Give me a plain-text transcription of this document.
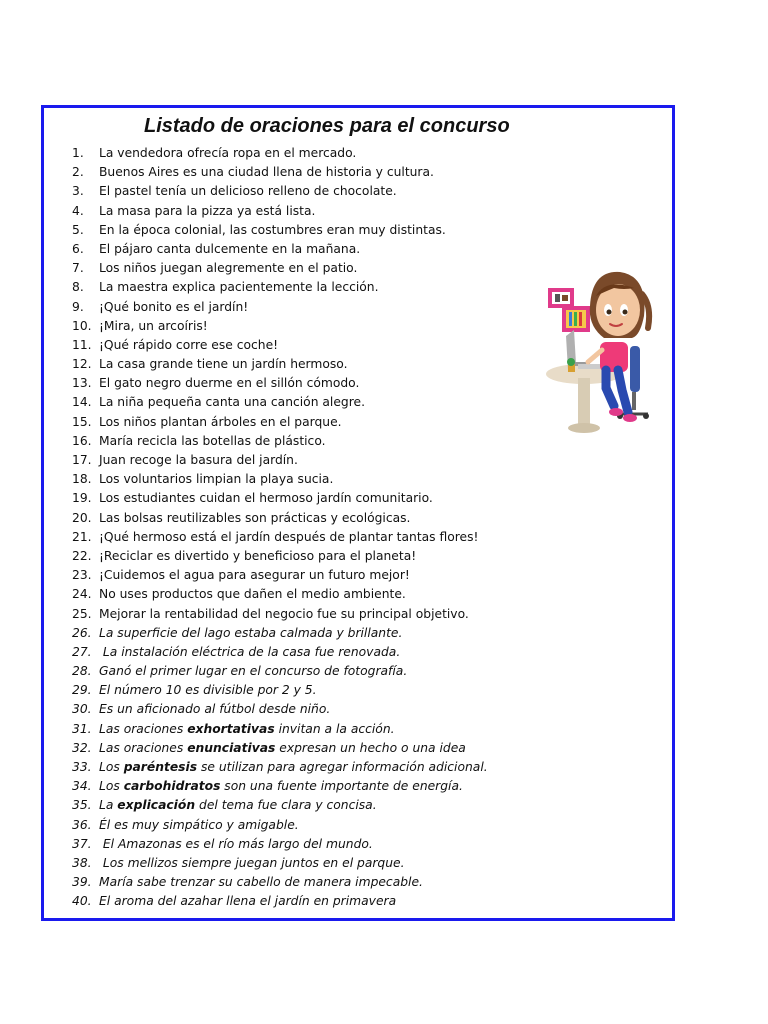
Listado de oraciones para el concurso
1. La vendedora ofrecía ropa en el mercado.
2. Buenos Aires es una ciudad llena de historia y cultura.
3. El pastel tenía un delicioso relleno de chocolate.
4. La masa para la pizza ya está lista.
5. En la época colonial, las costumbres eran muy distintas.
6. El pájaro canta dulcemente en la mañana.
7. Los niños juegan alegremente en el patio.
8. La maestra explica pacientemente la lección.
9. ¡Qué bonito es el jardín!
10. ¡Mira, un arcoíris!
11. ¡Qué rápido corre ese coche!
12. La casa grande tiene un jardín hermoso.
13. El gato negro duerme en el sillón cómodo.
14. La niña pequeña canta una canción alegre.
15. Los niños plantan árboles en el parque.
16. María recicla las botellas de plástico.
17. Juan recoge la basura del jardín.
18. Los voluntarios limpian la playa sucia.
19. Los estudiantes cuidan el hermoso jardín comunitario.
20. Las bolsas reutilizables son prácticas y ecológicas.
21. ¡Qué hermoso está el jardín después de plantar tantas flores!
22. ¡Reciclar es divertido y beneficioso para el planeta!
23. ¡Cuidemos el agua para asegurar un futuro mejor!
24. No uses productos que dañen el medio ambiente.
25. Mejorar la rentabilidad del negocio fue su principal objetivo.
26. La superficie del lago estaba calmada y brillante.
27. La instalación eléctrica de la casa fue renovada.
28. Ganó el primer lugar en el concurso de fotografía.
29. El número 10 es divisible por 2 y 5.
30. Es un aficionado al fútbol desde niño.
31. Las oraciones exhortativas invitan a la acción.
32. Las oraciones enunciativas expresan un hecho o una idea
33. Los paréntesis se utilizan para agregar información adicional.
34. Los carbohidratos son una fuente importante de energía.
35. La explicación del tema fue clara y concisa.
36. Él es muy simpático y amigable.
37. El Amazonas es el río más largo del mundo.
38. Los mellizos siempre juegan juntos en el parque.
39. María sabe trenzar su cabello de manera impecable.
40. El aroma del azahar llena el jardín en primavera
